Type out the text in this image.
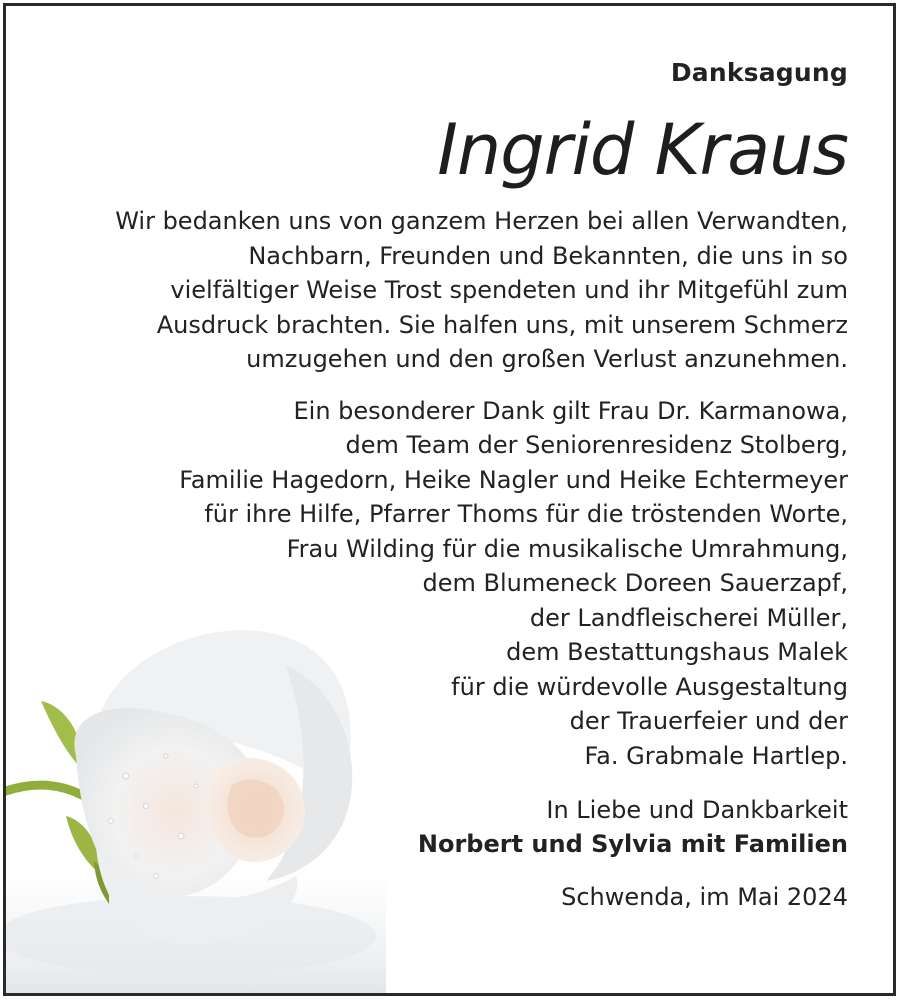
Danksagung
Ingrid Kraus
Wir bedanken uns von ganzem Herzen bei allen Verwandten,
Nachbarn, Freunden und Bekannten, die uns in so
vielfältiger Weise Trost spendeten und ihr Mitgefühl zum
Ausdruck brachten. Sie halfen uns, mit unserem Schmerz
umzugehen und den großen Verlust anzunehmen.
Ein besonderer Dank gilt Frau Dr. Karmanowa,
dem Team der Seniorenresidenz Stolberg,
Familie Hagedorn, Heike Nagler und Heike Echtermeyer
für ihre Hilfe, Pfarrer Thoms für die tröstenden Worte,
Frau Wilding für die musikalische Umrahmung,
dem Blumeneck Doreen Sauerzapf,
der Landfleischerei Müller,
dem Bestattungshaus Malek
für die würdevolle Ausgestaltung
der Trauerfeier und der
Fa. Grabmale Hartlep.
In Liebe und Dankbarkeit
Norbert und Sylvia mit Familien
Schwenda, im Mai 2024
